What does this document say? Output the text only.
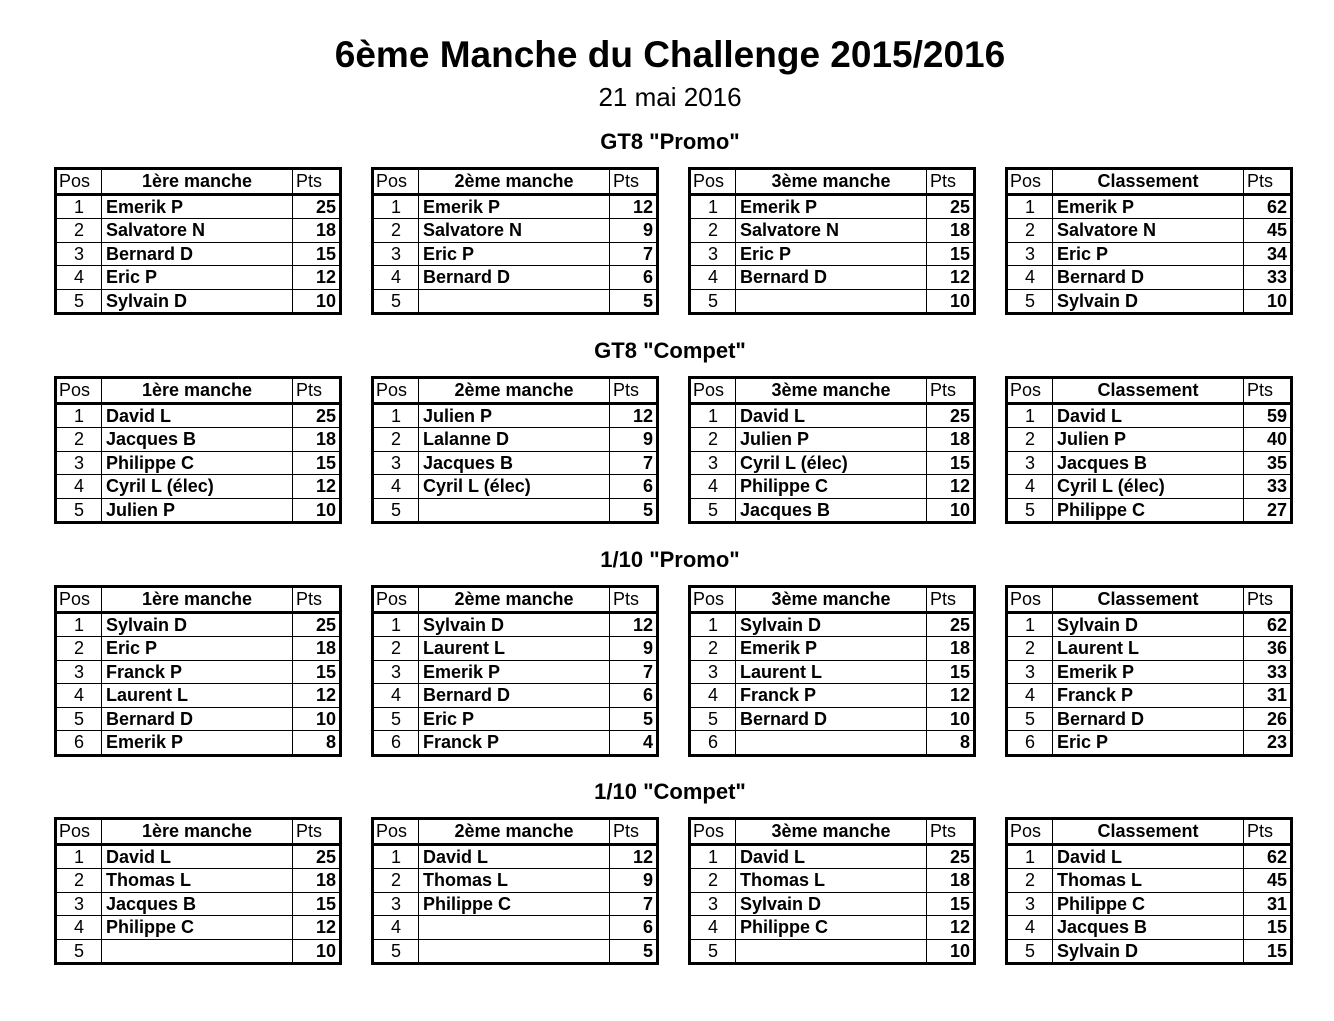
6ème Manche du Challenge 2015/2016
21 mai 2016
GT8 "Promo"
Pos	1ère manche	Pts
1	Emerik P	25
2	Salvatore N	18
3	Bernard D	15
4	Eric P	12
5	Sylvain D	10
Pos	2ème manche	Pts
1	Emerik P	12
2	Salvatore N	9
3	Eric P	7
4	Bernard D	6
5		5
Pos	3ème manche	Pts
1	Emerik P	25
2	Salvatore N	18
3	Eric P	15
4	Bernard D	12
5		10
Pos	Classement	Pts
1	Emerik P	62
2	Salvatore N	45
3	Eric P	34
4	Bernard D	33
5	Sylvain D	10
GT8 "Compet"
Pos	1ère manche	Pts
1	David L	25
2	Jacques B	18
3	Philippe C	15
4	Cyril L (élec)	12
5	Julien P	10
Pos	2ème manche	Pts
1	Julien P	12
2	Lalanne D	9
3	Jacques B	7
4	Cyril L (élec)	6
5		5
Pos	3ème manche	Pts
1	David L	25
2	Julien P	18
3	Cyril L (élec)	15
4	Philippe C	12
5	Jacques B	10
Pos	Classement	Pts
1	David L	59
2	Julien P	40
3	Jacques B	35
4	Cyril L (élec)	33
5	Philippe C	27
1/10 "Promo"
Pos	1ère manche	Pts
1	Sylvain D	25
2	Eric P	18
3	Franck P	15
4	Laurent L	12
5	Bernard D	10
6	Emerik P	8
Pos	2ème manche	Pts
1	Sylvain D	12
2	Laurent L	9
3	Emerik P	7
4	Bernard D	6
5	Eric P	5
6	Franck P	4
Pos	3ème manche	Pts
1	Sylvain D	25
2	Emerik P	18
3	Laurent L	15
4	Franck P	12
5	Bernard D	10
6		8
Pos	Classement	Pts
1	Sylvain D	62
2	Laurent L	36
3	Emerik P	33
4	Franck P	31
5	Bernard D	26
6	Eric P	23
1/10 "Compet"
Pos	1ère manche	Pts
1	David L	25
2	Thomas L	18
3	Jacques B	15
4	Philippe C	12
5		10
Pos	2ème manche	Pts
1	David L	12
2	Thomas L	9
3	Philippe C	7
4		6
5		5
Pos	3ème manche	Pts
1	David L	25
2	Thomas L	18
3	Sylvain D	15
4	Philippe C	12
5		10
Pos	Classement	Pts
1	David L	62
2	Thomas L	45
3	Philippe C	31
4	Jacques B	15
5	Sylvain D	15
